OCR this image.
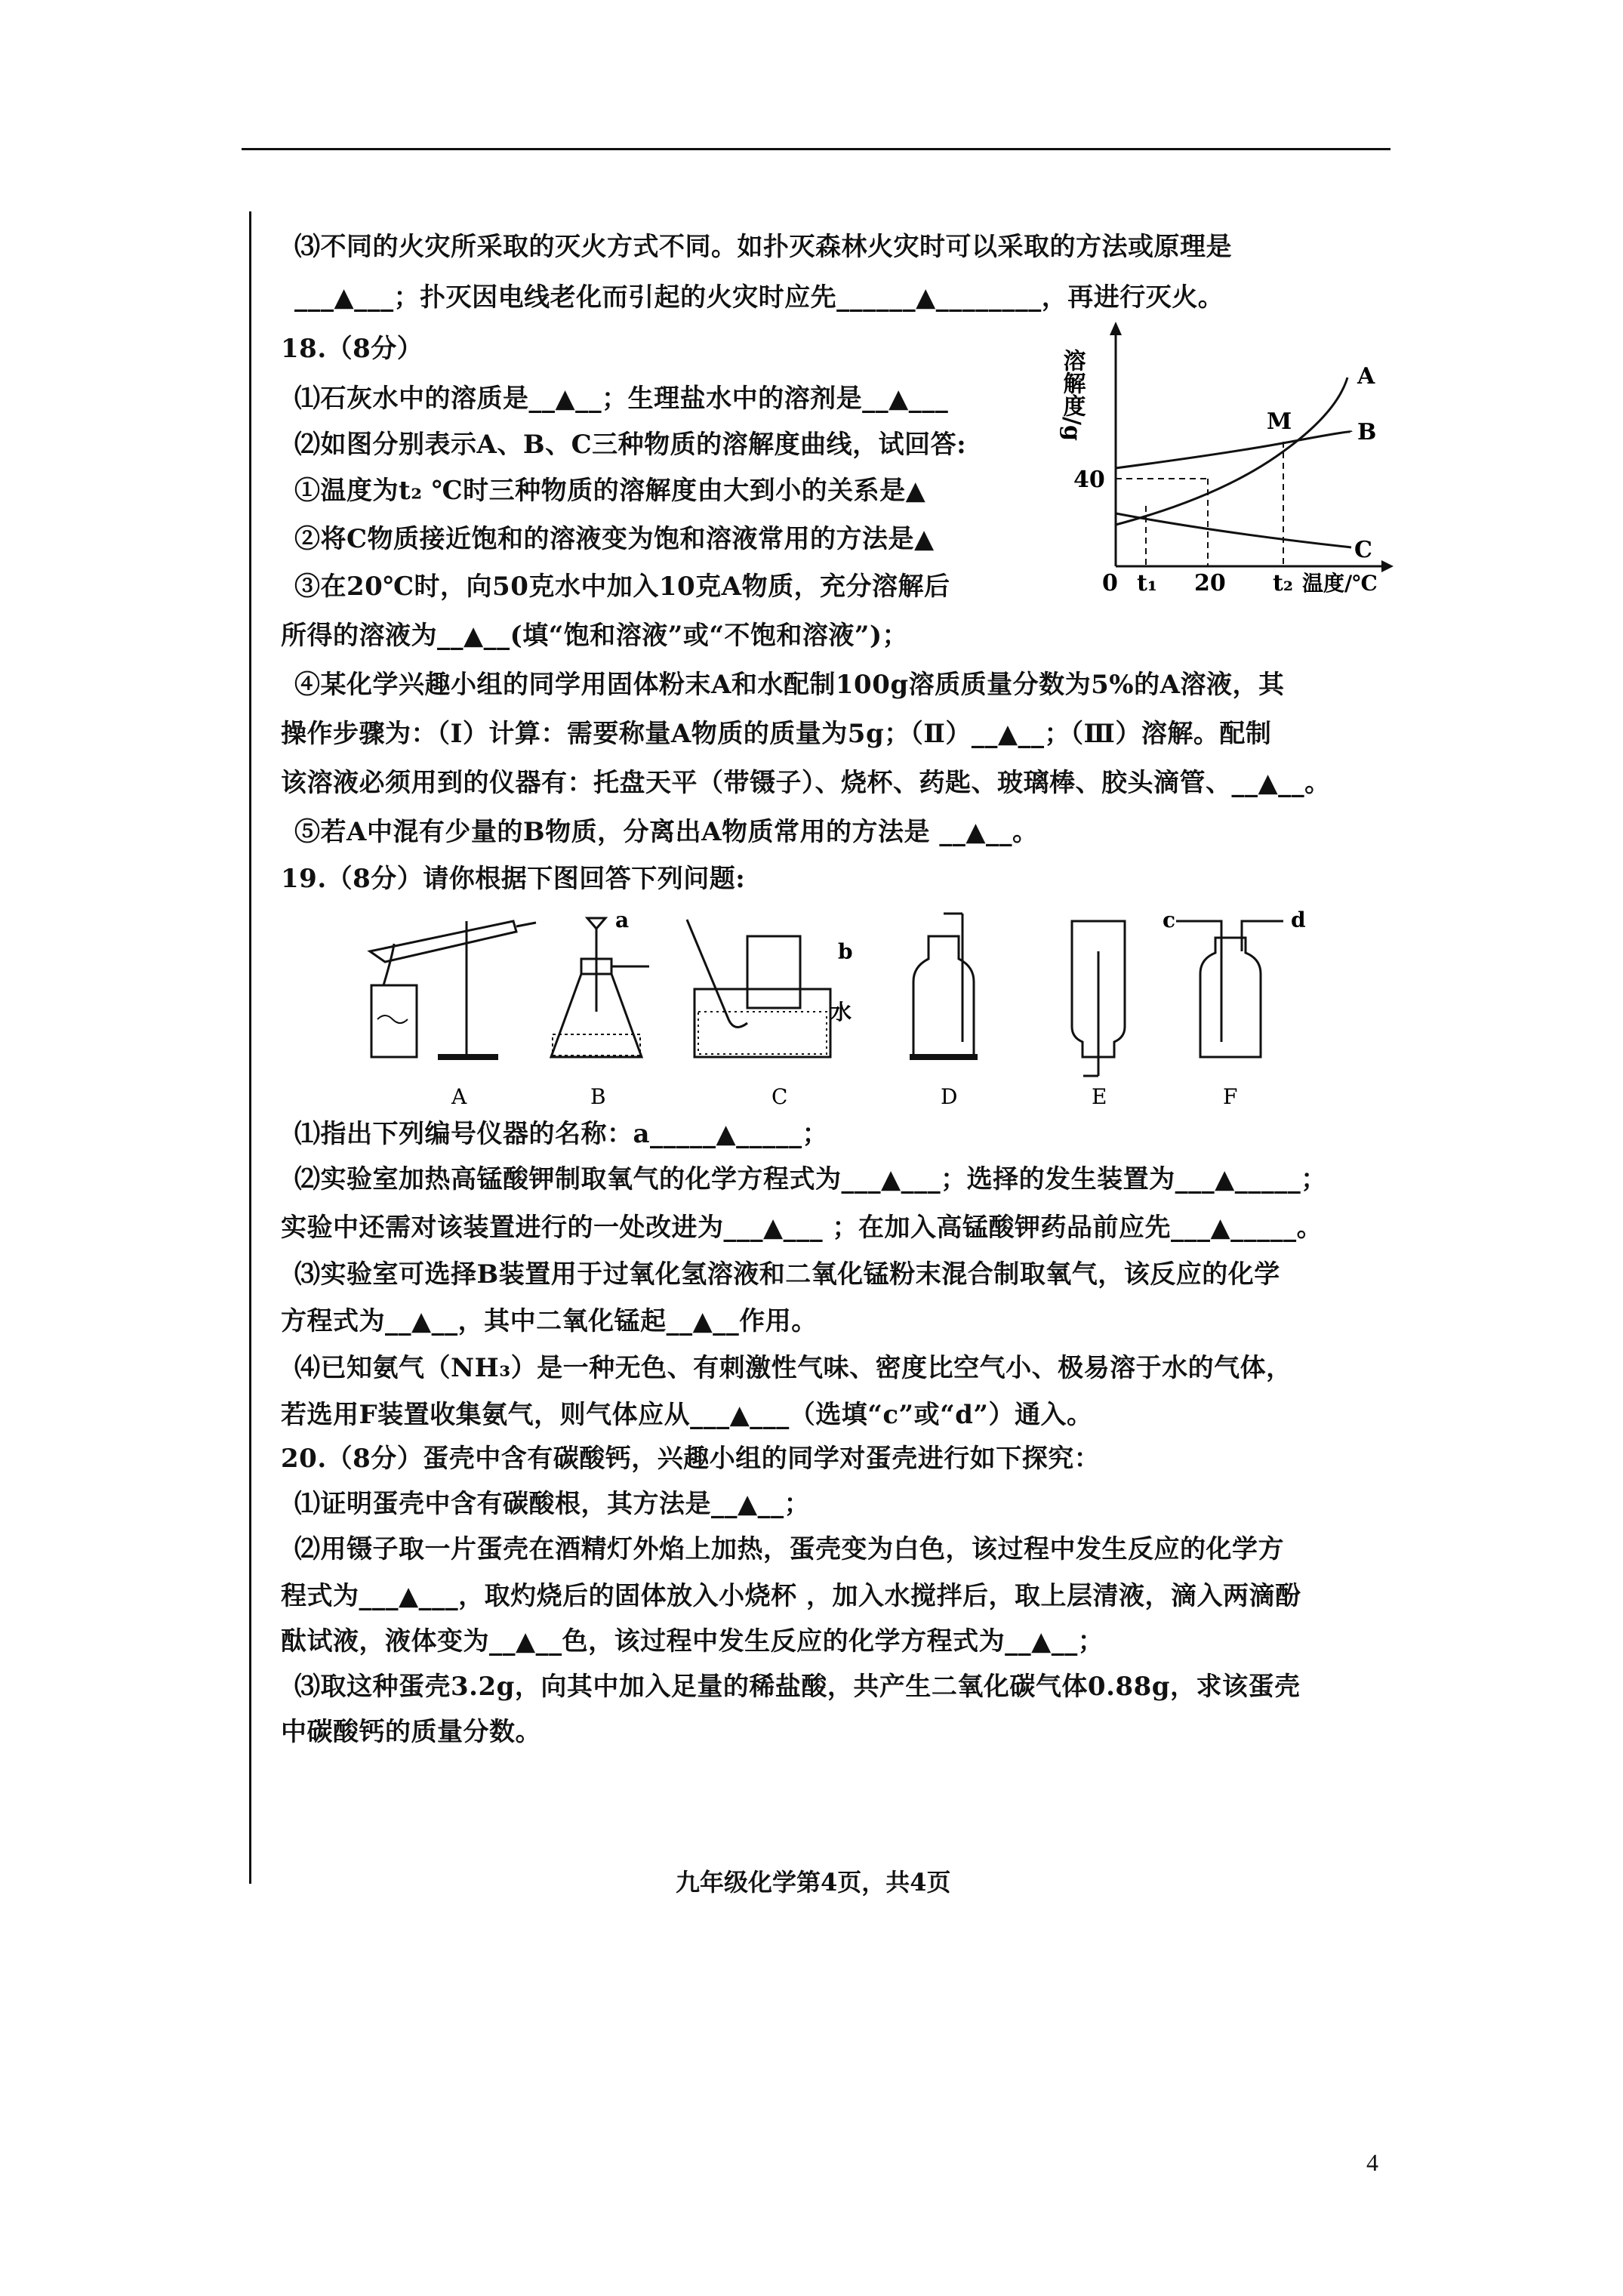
⑶不同的火灾所采取的灭火方式不同。如扑灭森林火灾时可以采取的方法或原理是
___▲___；扑灭因电线老化而引起的火灾时应先______▲________，再进行灭火。
18.（8分）
⑴石灰水中的溶质是__▲__；生理盐水中的溶剂是__▲___
⑵如图分别表示A、B、C三种物质的溶解度曲线，试回答:
①温度为t₂ ℃时三种物质的溶解度由大到小的关系是▲
②将C物质接近饱和的溶液变为饱和溶液常用的方法是▲
③在20℃时，向50克水中加入10克A物质，充分溶解后
所得的溶液为__▲__(填“饱和溶液”或“不饱和溶液”)；
④某化学兴趣小组的同学用固体粉末A和水配制100g溶质质量分数为5%的A溶液，其
操作步骤为：（Ⅰ）计算：需要称量A物质的质量为5g；（Ⅱ）__▲__；（Ⅲ）溶解。配制
该溶液必须用到的仪器有：托盘天平（带镊子）、烧杯、药匙、玻璃棒、胶头滴管、__▲__。
⑤若A中混有少量的B物质，分离出A物质常用的方法是 __▲__。
19.（8分）请你根据下图回答下列问题:
⑴指出下列编号仪器的名称：a_____▲_____；
⑵实验室加热高锰酸钾制取氧气的化学方程式为___▲___；选择的发生装置为___▲_____；
实验中还需对该装置进行的一处改进为___▲___ ；在加入高锰酸钾药品前应先___▲_____。
⑶实验室可选择B装置用于过氧化氢溶液和二氧化锰粉末混合制取氧气，该反应的化学
方程式为__▲__，其中二氧化锰起__▲__作用。
⑷已知氨气（NH₃）是一种无色、有刺激性气味、密度比空气小、极易溶于水的气体，
若选用F装置收集氨气，则气体应从___▲___（选填“c”或“d”）通入。
20.（8分）蛋壳中含有碳酸钙，兴趣小组的同学对蛋壳进行如下探究：
⑴证明蛋壳中含有碳酸根，其方法是__▲__；
⑵用镊子取一片蛋壳在酒精灯外焰上加热，蛋壳变为白色，该过程中发生反应的化学方
程式为___▲___，取灼烧后的固体放入小烧杯 ，加入水搅拌后，取上层清液，滴入两滴酚
酞试液，液体变为__▲__色，该过程中发生反应的化学方程式为__▲__；
⑶取这种蛋壳3.2g，向其中加入足量的稀盐酸，共产生二氧化碳气体0.88g，求该蛋壳
中碳酸钙的质量分数。
溶解度/g
40
0 t₁ 20 t₂ 温度/℃
A
B
C
M
a
b
水
c	d
A	B	C	D	E	F
九年级化学第4页，共4页
4
